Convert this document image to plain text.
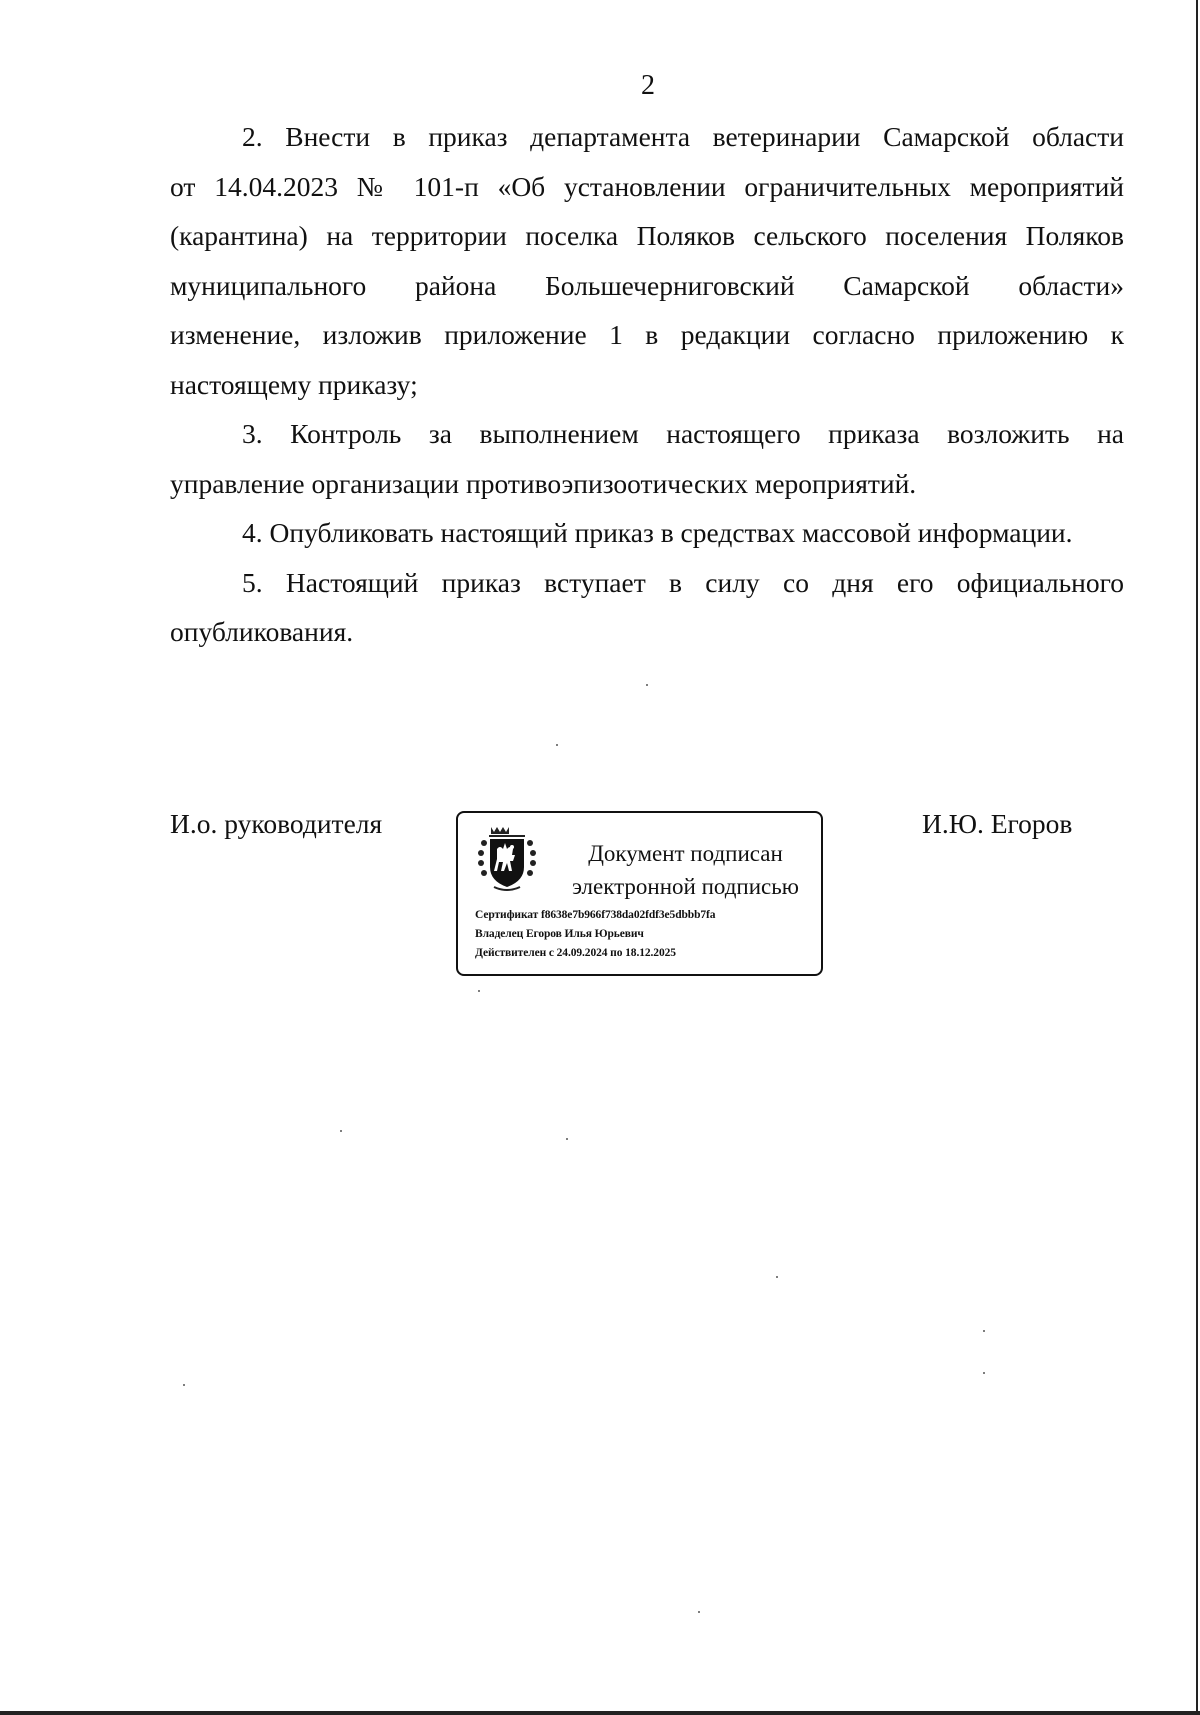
2

2. Внести в приказ департамента ветеринарии Самарской области
от 14.04.2023 № 101-п «Об установлении ограничительных мероприятий
(карантина) на территории поселка Поляков сельского поселения Поляков
муниципального района Большечерниговский Самарской области»
изменение, изложив приложение 1 в редакции согласно приложению к
настоящему приказу;

3. Контроль за выполнением настоящего приказа возложить на
управление организации противоэпизоотических мероприятий.

4. Опубликовать настоящий приказ в средствах массовой информации.

5. Настоящий приказ вступает в силу со дня его официального
опубликования.

И.о. руководителя
Документ подписан
электронной подписью
Сертификат f8638e7b966f738da02fdf3e5dbbb7fa
Владелец Егоров Илья Юрьевич
Действителен с 24.09.2024 по 18.12.2025
И.Ю. Егоров
